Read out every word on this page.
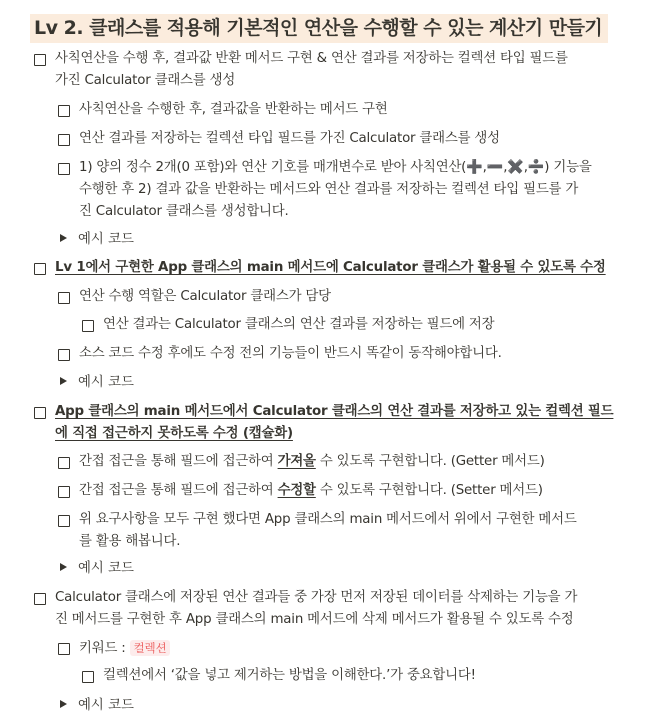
Lv 2. 클래스를 적용해 기본적인 연산을 수행할 수 있는 계산기 만들기
사칙연산을 수행 후, 결과값 반환 메서드 구현 & 연산 결과를 저장하는 컬렉션 타입 필드를
가진 Calculator 클래스를 생성
사칙연산을 수행한 후, 결과값을 반환하는 메서드 구현
연산 결과를 저장하는 컬렉션 타입 필드를 가진 Calculator 클래스를 생성
1) 양의 정수 2개(0 포함)와 연산 기호를 매개변수로 받아 사칙연산(➕,➖,✖️,➗) 기능을
수행한 후 2) 결과 값을 반환하는 메서드와 연산 결과를 저장하는 컬렉션 타입 필드를 가
진 Calculator 클래스를 생성합니다.
예시 코드
Lv 1에서 구현한 App 클래스의 main 메서드에 Calculator 클래스가 활용될 수 있도록 수정
연산 수행 역할은 Calculator 클래스가 담당
연산 결과는 Calculator 클래스의 연산 결과를 저장하는 필드에 저장
소스 코드 수정 후에도 수정 전의 기능들이 반드시 똑같이 동작해야합니다.
예시 코드
App 클래스의 main 메서드에서 Calculator 클래스의 연산 결과를 저장하고 있는 컬렉션 필드
에 직접 접근하지 못하도록 수정 (캡슐화)
간접 접근을 통해 필드에 접근하여 가져올 수 있도록 구현합니다. (Getter 메서드)
간접 접근을 통해 필드에 접근하여 수정할 수 있도록 구현합니다. (Setter 메서드)
위 요구사항을 모두 구현 했다면 App 클래스의 main 메서드에서 위에서 구현한 메서드
를 활용 해봅니다.
예시 코드
Calculator 클래스에 저장된 연산 결과들 중 가장 먼저 저장된 데이터를 삭제하는 기능을 가
진 메서드를 구현한 후 App 클래스의 main 메서드에 삭제 메서드가 활용될 수 있도록 수정
키워드 : 컬렉션
컬렉션에서 ‘값을 넣고 제거하는 방법을 이해한다.’가 중요합니다!
예시 코드
